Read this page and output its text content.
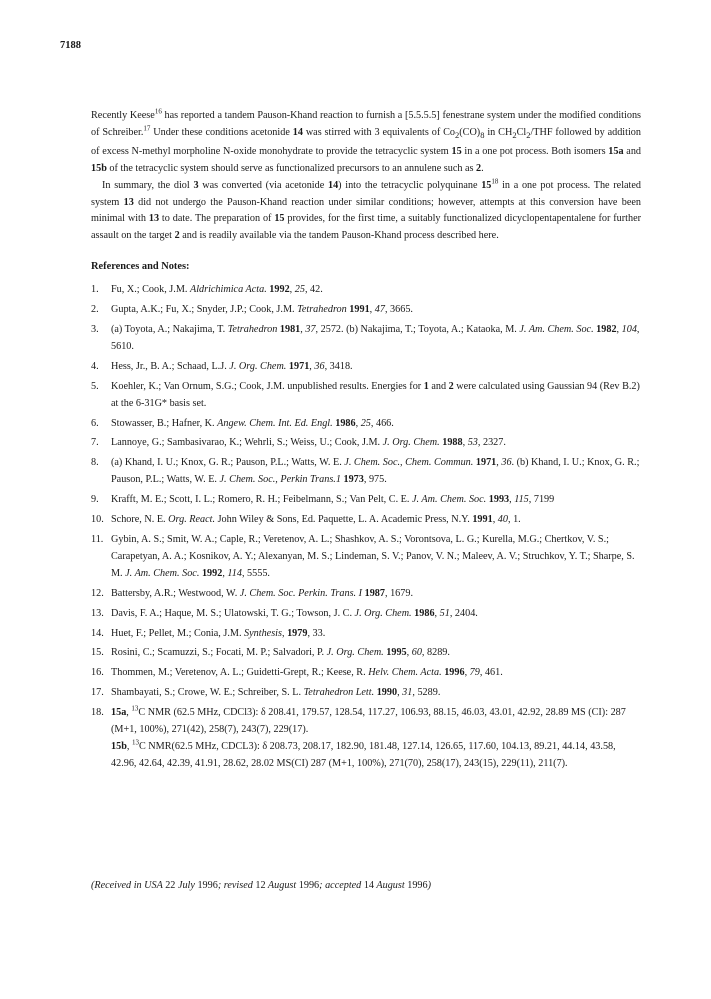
7188

Recently Keese$^{16}$ has reported a tandem Pauson-Khand reaction to furnish a [5.5.5.5] fenestrane system under the modified conditions of Schreiber.$^{17}$ Under these conditions acetonide 14 was stirred with 3 equivalents of $Co_2(CO)_8$ in $CH_2Cl_2$/THF followed by addition of excess N-methyl morpholine N-oxide monohydrate to provide the tetracyclic system 15 in a one pot process. Both isomers 15a and 15b of the tetracyclic system should serve as functionalized precursors to an annulene such as 2.

In summary, the diol 3 was converted (via acetonide 14) into the tetracyclic polyquinane $15^{18}$ in a one pot process. The related system 13 did not undergo the Pauson-Khand reaction under similar conditions; however, attempts at this conversion have been minimal with 13 to date. The preparation of 15 provides, for the first time, a suitably functionalized dicyclopentapentalene for further assault on the target 2 and is readily available via the tandem Pauson-Khand process described here.

References and Notes:
1. Fu, X.; Cook, J.M. Aldrichimica Acta. 1992, 25, 42.
2. Gupta, A.K.; Fu, X.; Snyder, J.P.; Cook, J.M. Tetrahedron 1991, 47, 3665.
3. (a) Toyota, A.; Nakajima, T. Tetrahedron 1981, 37, 2572. (b) Nakajima, T.; Toyota, A.; Kataoka, M. J. Am. Chem. Soc. 1982, 104, 5610.
4. Hess, Jr., B. A.; Schaad, L.J. J. Org. Chem. 1971, 36, 3418.
5. Koehler, K.; Van Ornum, S.G.; Cook, J.M. unpublished results. Energies for 1 and 2 were calculated using Gaussian 94 (Rev B.2) at the 6-31G* basis set.
6. Stowasser, B.; Hafner, K. Angew. Chem. Int. Ed. Engl. 1986, 25, 466.
7. Lannoye, G.; Sambasivarao, K.; Wehrli, S.; Weiss, U.; Cook, J.M. J. Org. Chem. 1988, 53, 2327.
8. (a) Khand, I. U.; Knox, G. R.; Pauson, P.L.; Watts, W. E. J. Chem. Soc., Chem. Commun. 1971, 36. (b) Khand, I. U.; Knox, G. R.; Pauson, P.L.; Watts, W. E. J. Chem. Soc., Perkin Trans.1 1973, 975.
9. Krafft, M. E.; Scott, I. L.; Romero, R. H.; Feibelmann, S.; Van Pelt, C. E. J. Am. Chem. Soc. 1993, 115, 7199
10. Schore, N. E. Org. React. John Wiley & Sons, Ed. Paquette, L. A. Academic Press, N.Y. 1991, 40, 1.
11. Gybin, A. S.; Smit, W. A.; Caple, R.; Veretenov, A. L.; Shashkov, A. S.; Vorontsova, L. G.; Kurella, M.G.; Chertkov, V. S.; Carapetyan, A. A.; Kosnikov, A. Y.; Alexanyan, M. S.; Lindeman, S. V.; Panov, V. N.; Maleev, A. V.; Struchkov, Y. T.; Sharpe, S. M. J. Am. Chem. Soc. 1992, 114, 5555.
12. Battersby, A.R.; Westwood, W. J. Chem. Soc. Perkin. Trans. I 1987, 1679.
13. Davis, F. A.; Haque, M. S.; Ulatowski, T. G.; Towson, J. C. J. Org. Chem. 1986, 51, 2404.
14. Huet, F.; Pellet, M.; Conia, J.M. Synthesis, 1979, 33.
15. Rosini, C.; Scamuzzi, S.; Focati, M. P.; Salvadori, P. J. Org. Chem. 1995, 60, 8289.
16. Thommen, M.; Veretenov, A. L.; Guidetti-Grept, R.; Keese, R. Helv. Chem. Acta. 1996, 79, 461.
17. Shambayati, S.; Crowe, W. E.; Schreiber, S. L. Tetrahedron Lett. 1990, 31, 5289.
18. 15a, $^{13}$C NMR (62.5 MHz, CDCl3): δ 208.41, 179.57, 128.54, 117.27, 106.93, 88.15, 46.03, 43.01, 42.92, 28.89 MS (CI): 287 (M+1, 100%), 271(42), 258(7), 243(7), 229(17).
15b, $^{13}$C NMR(62.5 MHz, CDCL3): δ 208.73, 208.17, 182.90, 181.48, 127.14, 126.65, 117.60, 104.13, 89.21, 44.14, 43.58, 42.96, 42.64, 42.39, 41.91, 28.62, 28.02 MS(CI) 287 (M+1, 100%), 271(70), 258(17), 243(15), 229(11), 211(7).
(Received in USA 22 July 1996; revised 12 August 1996; accepted 14 August 1996)
